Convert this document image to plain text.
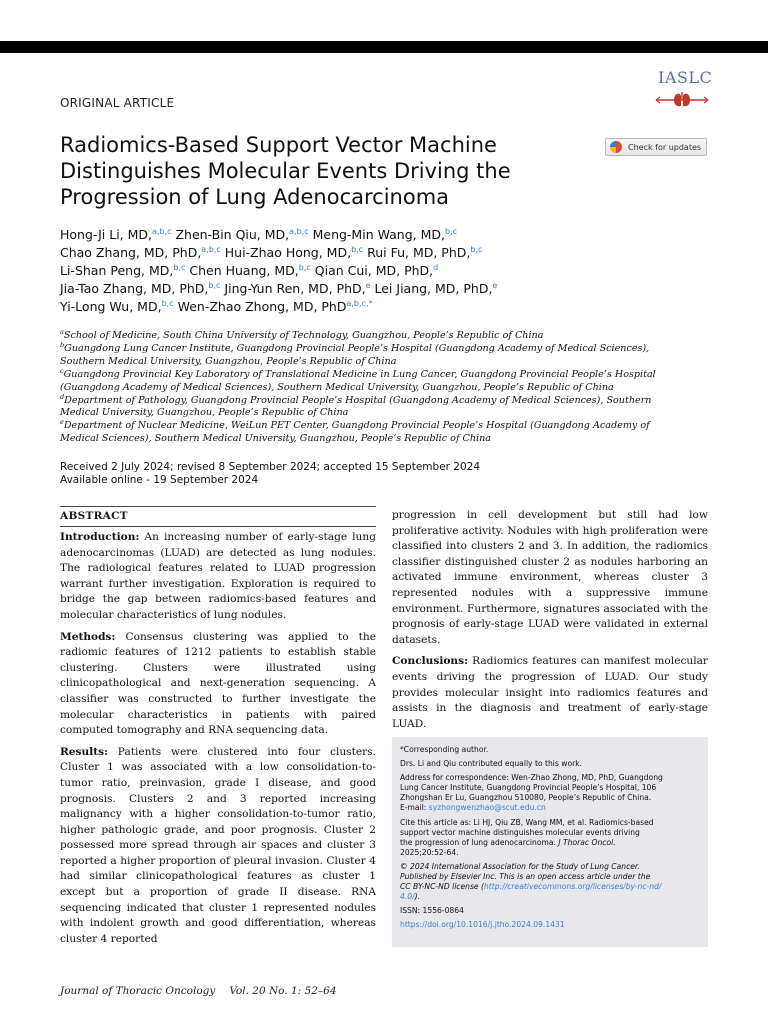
ORIGINAL ARTICLE
IASLC
Check for updates
Radiomics-Based Support Vector Machine
Distinguishes Molecular Events Driving the
Progression of Lung Adenocarcinoma
Hong-Ji Li, MD,$^{a,b,c}$ Zhen-Bin Qiu, MD,$^{a,b,c}$ Meng-Min Wang, MD,$^{b,c}$
Chao Zhang, MD, PhD,$^{a,b,c}$ Hui-Zhao Hong, MD,$^{b,c}$ Rui Fu, MD, PhD,$^{b,c}$
Li-Shan Peng, MD,$^{b,c}$ Chen Huang, MD,$^{b,c}$ Qian Cui, MD, PhD,$^d$
Jia-Tao Zhang, MD, PhD,$^{b,c}$ Jing-Yun Ren, MD, PhD,$^e$ Lei Jiang, MD, PhD,$^e$
Yi-Long Wu, MD,$^{b,c}$ Wen-Zhao Zhong, MD, PhD$^{a,b,c,*}$
$^a$School of Medicine, South China University of Technology, Guangzhou, People’s Republic of China
$^b$Guangdong Lung Cancer Institute, Guangdong Provincial People’s Hospital (Guangdong Academy of Medical Sciences),
Southern Medical University, Guangzhou, People’s Republic of China
$^c$Guangdong Provincial Key Laboratory of Translational Medicine in Lung Cancer, Guangdong Provincial People’s Hospital
(Guangdong Academy of Medical Sciences), Southern Medical University, Guangzhou, People’s Republic of China
$^d$Department of Pathology, Guangdong Provincial People’s Hospital (Guangdong Academy of Medical Sciences), Southern
Medical University, Guangzhou, People’s Republic of China
$^e$Department of Nuclear Medicine, WeiLun PET Center, Guangdong Provincial People’s Hospital (Guangdong Academy of
Medical Sciences), Southern Medical University, Guangzhou, People’s Republic of China
Received 2 July 2024; revised 8 September 2024; accepted 15 September 2024
Available online - 19 September 2024
ABSTRACT

Introduction: An increasing number of early-stage lung adenocarcinomas (LUAD) are detected as lung nodules. The radiological features related to LUAD progression warrant further investigation. Exploration is required to bridge the gap between radiomics-based features and molecular characteristics of lung nodules.

Methods: Consensus clustering was applied to the radiomic features of 1212 patients to establish stable clustering. Clusters were illustrated using clinicopathological and next-generation sequencing. A classifier was constructed to further investigate the molecular characteristics in patients with paired computed tomography and RNA sequencing data.

Results: Patients were clustered into four clusters. Cluster 1 was associated with a low consolidation-to-tumor ratio, preinvasion, grade I disease, and good prognosis. Clusters 2 and 3 reported increasing malignancy with a higher consolidation-to-tumor ratio, higher pathologic grade, and poor prognosis. Cluster 2 possessed more spread through air spaces and cluster 3 reported a higher proportion of pleural invasion. Cluster 4 had similar clinicopathological features as cluster 1 except but a proportion of grade II disease. RNA sequencing indicated that cluster 1 represented nodules with indolent growth and good differentiation, whereas cluster 4 reported

progression in cell development but still had low proliferative activity. Nodules with high proliferation were classified into clusters 2 and 3. In addition, the radiomics classifier distinguished cluster 2 as nodules harboring an activated immune environment, whereas cluster 3 represented nodules with a suppressive immune environment. Furthermore, signatures associated with the prognosis of early-stage LUAD were validated in external datasets.

Conclusions: Radiomics features can manifest molecular events driving the progression of LUAD. Our study provides molecular insight into radiomics features and assists in the diagnosis and treatment of early-stage LUAD.

*Corresponding author.
Drs. Li and Qiu contributed equally to this work.
Address for correspondence: Wen-Zhao Zhong, MD, PhD, Guangdong
Lung Cancer Institute, Guangdong Provincial People’s Hospital, 106
Zhongshan Er Lu, Guangzhou 510080, People’s Republic of China.
E-mail: syzhongwenzhao@scut.edu.cn
Cite this article as: Li HJ, Qiu ZB, Wang MM, et al. Radiomics-based
support vector machine distinguishes molecular events driving
the progression of lung adenocarcinoma. J Thorac Oncol.
2025;20:52-64.
© 2024 International Association for the Study of Lung Cancer.
Published by Elsevier Inc. This is an open access article under the
CC BY-NC-ND license (http://creativecommons.org/licenses/by-nc-nd/
4.0/).
ISSN: 1556-0864
https://doi.org/10.1016/j.jtho.2024.09.1431
Journal of Thoracic Oncology Vol. 20 No. 1: 52–64
